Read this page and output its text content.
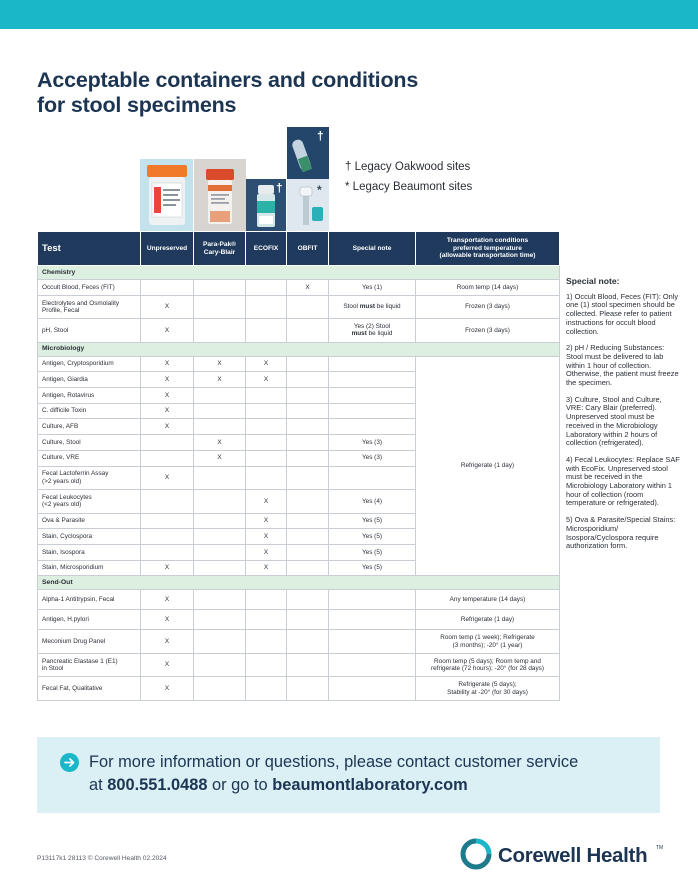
Acceptable containers and conditions
for stool specimens
†
†
*
† Legacy Oakwood sites
* Legacy Beaumont sites
Test	Unpreserved	Para-Pak®
Cary-Blair	ECOFIX	OBFIT	Special note	Transportation conditions
preferred temperature
(allowable transportation time)
Chemistry						
Occult Blood, Feces (FIT)				X	Yes (1)	Room temp (14 days)
Electrolytes and Osmolality
Profile, Fecal	X				Stool must be liquid	Frozen (3 days)
pH, Stool	X				Yes (2) Stool
must be liquid	Frozen (3 days)
Microbiology						
Antigen, Cryptosporidium	X	X	X			Refrigerate (1 day)
Antigen, Giardia	X	X	X			
Antigen, Rotavirus	X					
C. difficile Toxin	X					
Culture, AFB	X					
Culture, Stool		X			Yes (3)	
Culture, VRE		X			Yes (3)	
Fecal Lactoferrin Assay
(>2 years old)	X					
Fecal Leukocytes
(<2 years old)			X		Yes (4)	
Ova & Parasite			X		Yes (5)	
Stain, Cyclospora			X		Yes (5)	
Stain, Isospora			X		Yes (5)	
Stain, Microsporidium	X		X		Yes (5)	
Send-Out						
Alpha-1 Antitrypsin, Fecal	X					Any temperature (14 days)
Antigen, H.pylori	X					Refrigerate (1 day)
Meconium Drug Panel	X					Room temp (1 week); Refrigerate
(3 months); -20° (1 year)
Pancreatic Elastase 1 (E1)
in Stool	X					Room temp (5 days); Room temp and
refrigerate (72 hours); -20° (for 28 days)
Fecal Fat, Qualitative	X					Refrigerate (5 days);
Stability at -20° (for 30 days)
Special note:
1) Occult Blood, Feces (FIT): Only one (1) stool specimen should be collected. Please refer to patient instructions for occult blood collection.
2) pH / Reducing Substances: Stool must be delivered to lab within 1 hour of collection. Otherwise, the patient must freeze the specimen.
3) Culture, Stool and Culture, VRE: Cary Blair (preferred). Unpreserved stool must be received in the Microbiology Laboratory within 2 hours of collection (refrigerated).
4) Fecal Leukocytes: Replace SAF with EcoFix. Unpreserved stool must be received in the Microbiology Laboratory within 1 hour of collection (room temperature or refrigerated).
5) Ova & Parasite/Special Stains: Microsporidium/ Isospora/Cyclospora require authorization form.
For more information or questions, please contact customer service
at 800.551.0488 or go to beaumontlaboratory.com
P13117k1 28113 © Corewell Health 02.2024	Corewell Health TM
